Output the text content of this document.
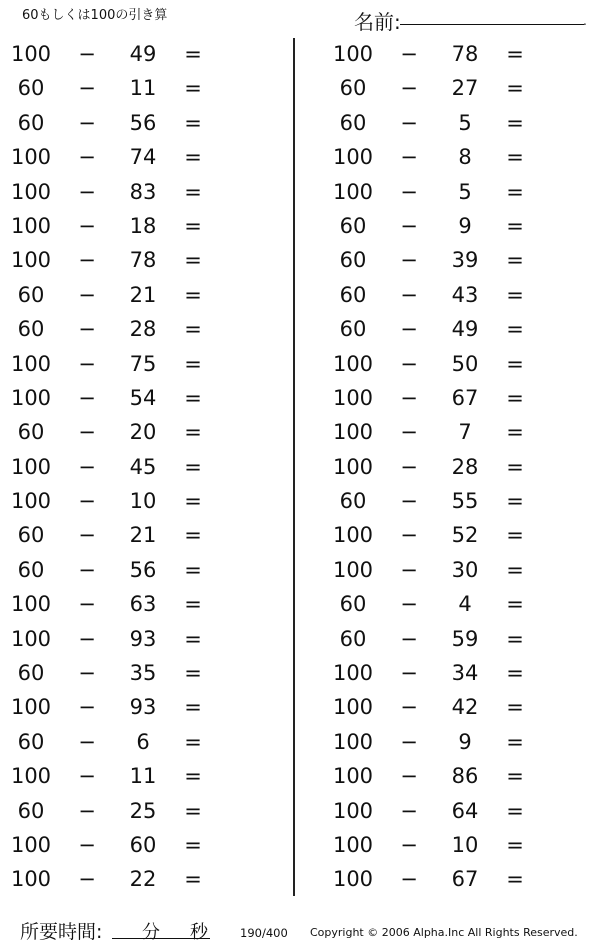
60もしくは100の引き算	名前:	.
100	−	49	=
60	−	11	=
60	−	56	=
100	−	74	=
100	−	83	=
100	−	18	=
100	−	78	=
60	−	21	=
60	−	28	=
100	−	75	=
100	−	54	=
60	−	20	=
100	−	45	=
100	−	10	=
60	−	21	=
60	−	56	=
100	−	63	=
100	−	93	=
60	−	35	=
100	−	93	=
60	−	6	=
100	−	11	=
60	−	25	=
100	−	60	=
100	−	22	=
100	−	78	=
60	−	27	=
60	−	5	=
100	−	8	=
100	−	5	=
60	−	9	=
60	−	39	=
60	−	43	=
60	−	49	=
100	−	50	=
100	−	67	=
100	−	7	=
100	−	28	=
60	−	55	=
100	−	52	=
100	−	30	=
60	−	4	=
60	−	59	=
100	−	34	=
100	−	42	=
100	−	9	=
100	−	86	=
100	−	64	=
100	−	10	=
100	−	67	=
所要時間: 分 秒	190/400 Copyright © 2006 Alpha.Inc All Rights Reserved.
